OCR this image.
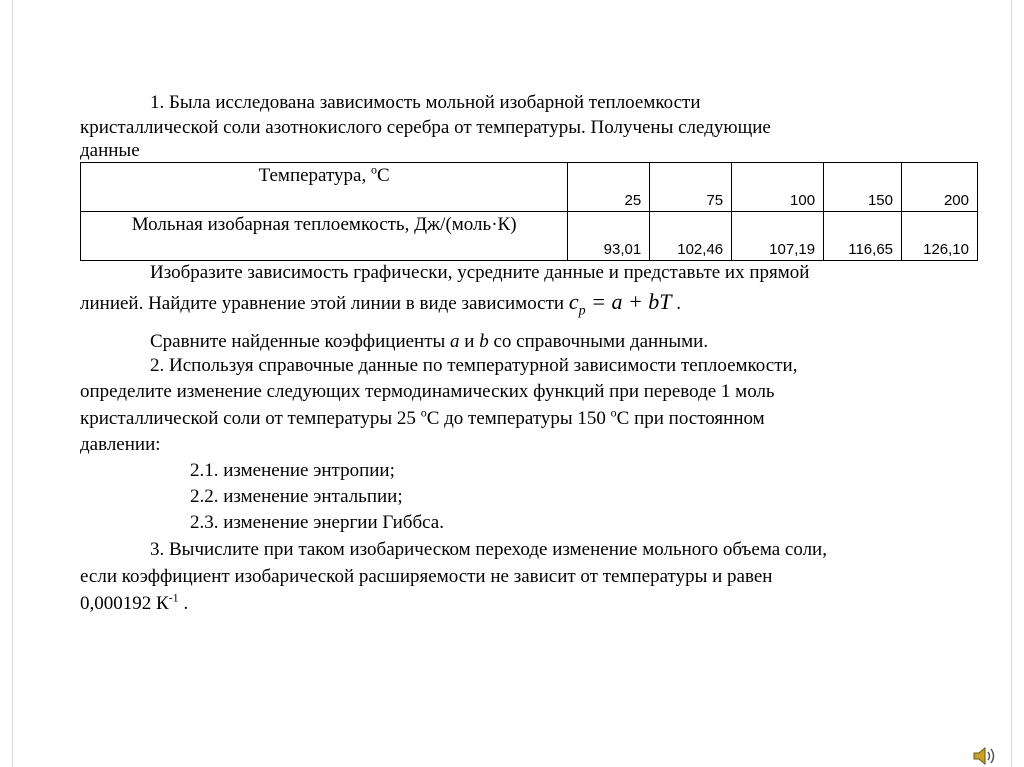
1. Была исследована зависимость мольной изобарной теплоемкости
кристаллической соли азотнокислого серебра от температуры. Получены следующие
данные
Температура, $^o$С	25	75	100	150	200
Мольная изобарная теплоемкость, Дж/(моль·К)	93,01	102,46	107,19	116,65	126,10
Изобразите зависимость графически, усредните данные и представьте их прямой
линией. Найдите уравнение этой линии в виде зависимости $c_p = a$ + bT .
Сравните найденные коэффициенты a и b со справочными данными.
2. Используя справочные данные по температурной зависимости теплоемкости,
определите изменение следующих термодинамических функций при переводе 1 моль
кристаллической соли от температуры 25 $^o$С до температуры 150 $^o$С при постоянном
давлении:
2.1. изменение энтропии;
2.2. изменение энтальпии;
2.3. изменение энергии Гиббса.
3. Вычислите при таком изобарическом переходе изменение мольного объема соли,
если коэффициент изобарической расширяемости не зависит от температуры и равен
0,000192 $К^{-1}$ .
